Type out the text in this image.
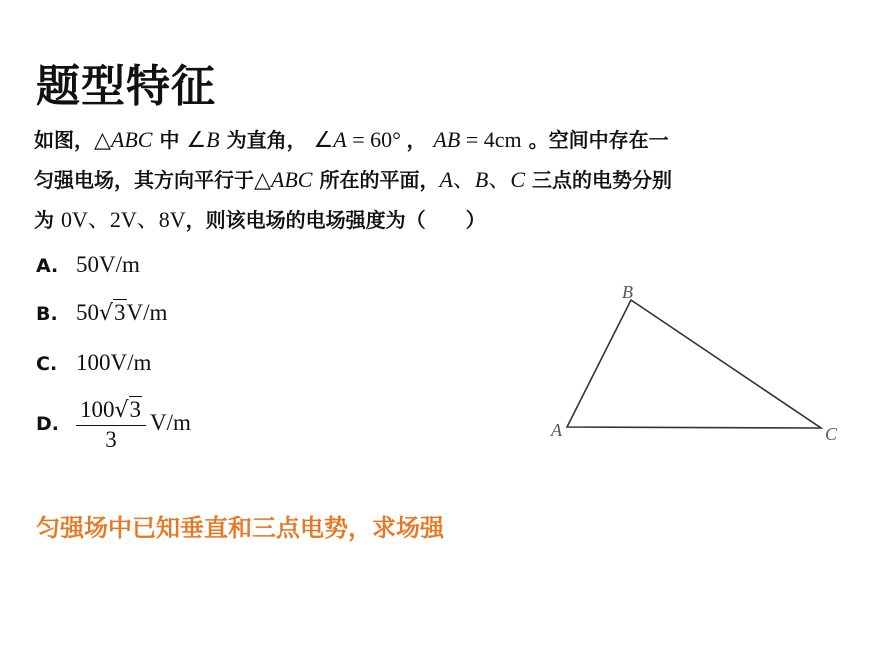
题型特征
如图，△ABC 中 ∠B 为直角， ∠A = 60° ， AB = 4cm 。空间中存在一
匀强电场，其方向平行于△ABC 所在的平面，A、B、C 三点的电势分别
为 0V、2V、8V，则该电场的电场强度为（　　）
A. 50V/m
B. 50√3V/m
C. 100V/m
D. $\frac{100√3}{3} V/m$
B
A	C
匀强场中已知垂直和三点电势，求场强
